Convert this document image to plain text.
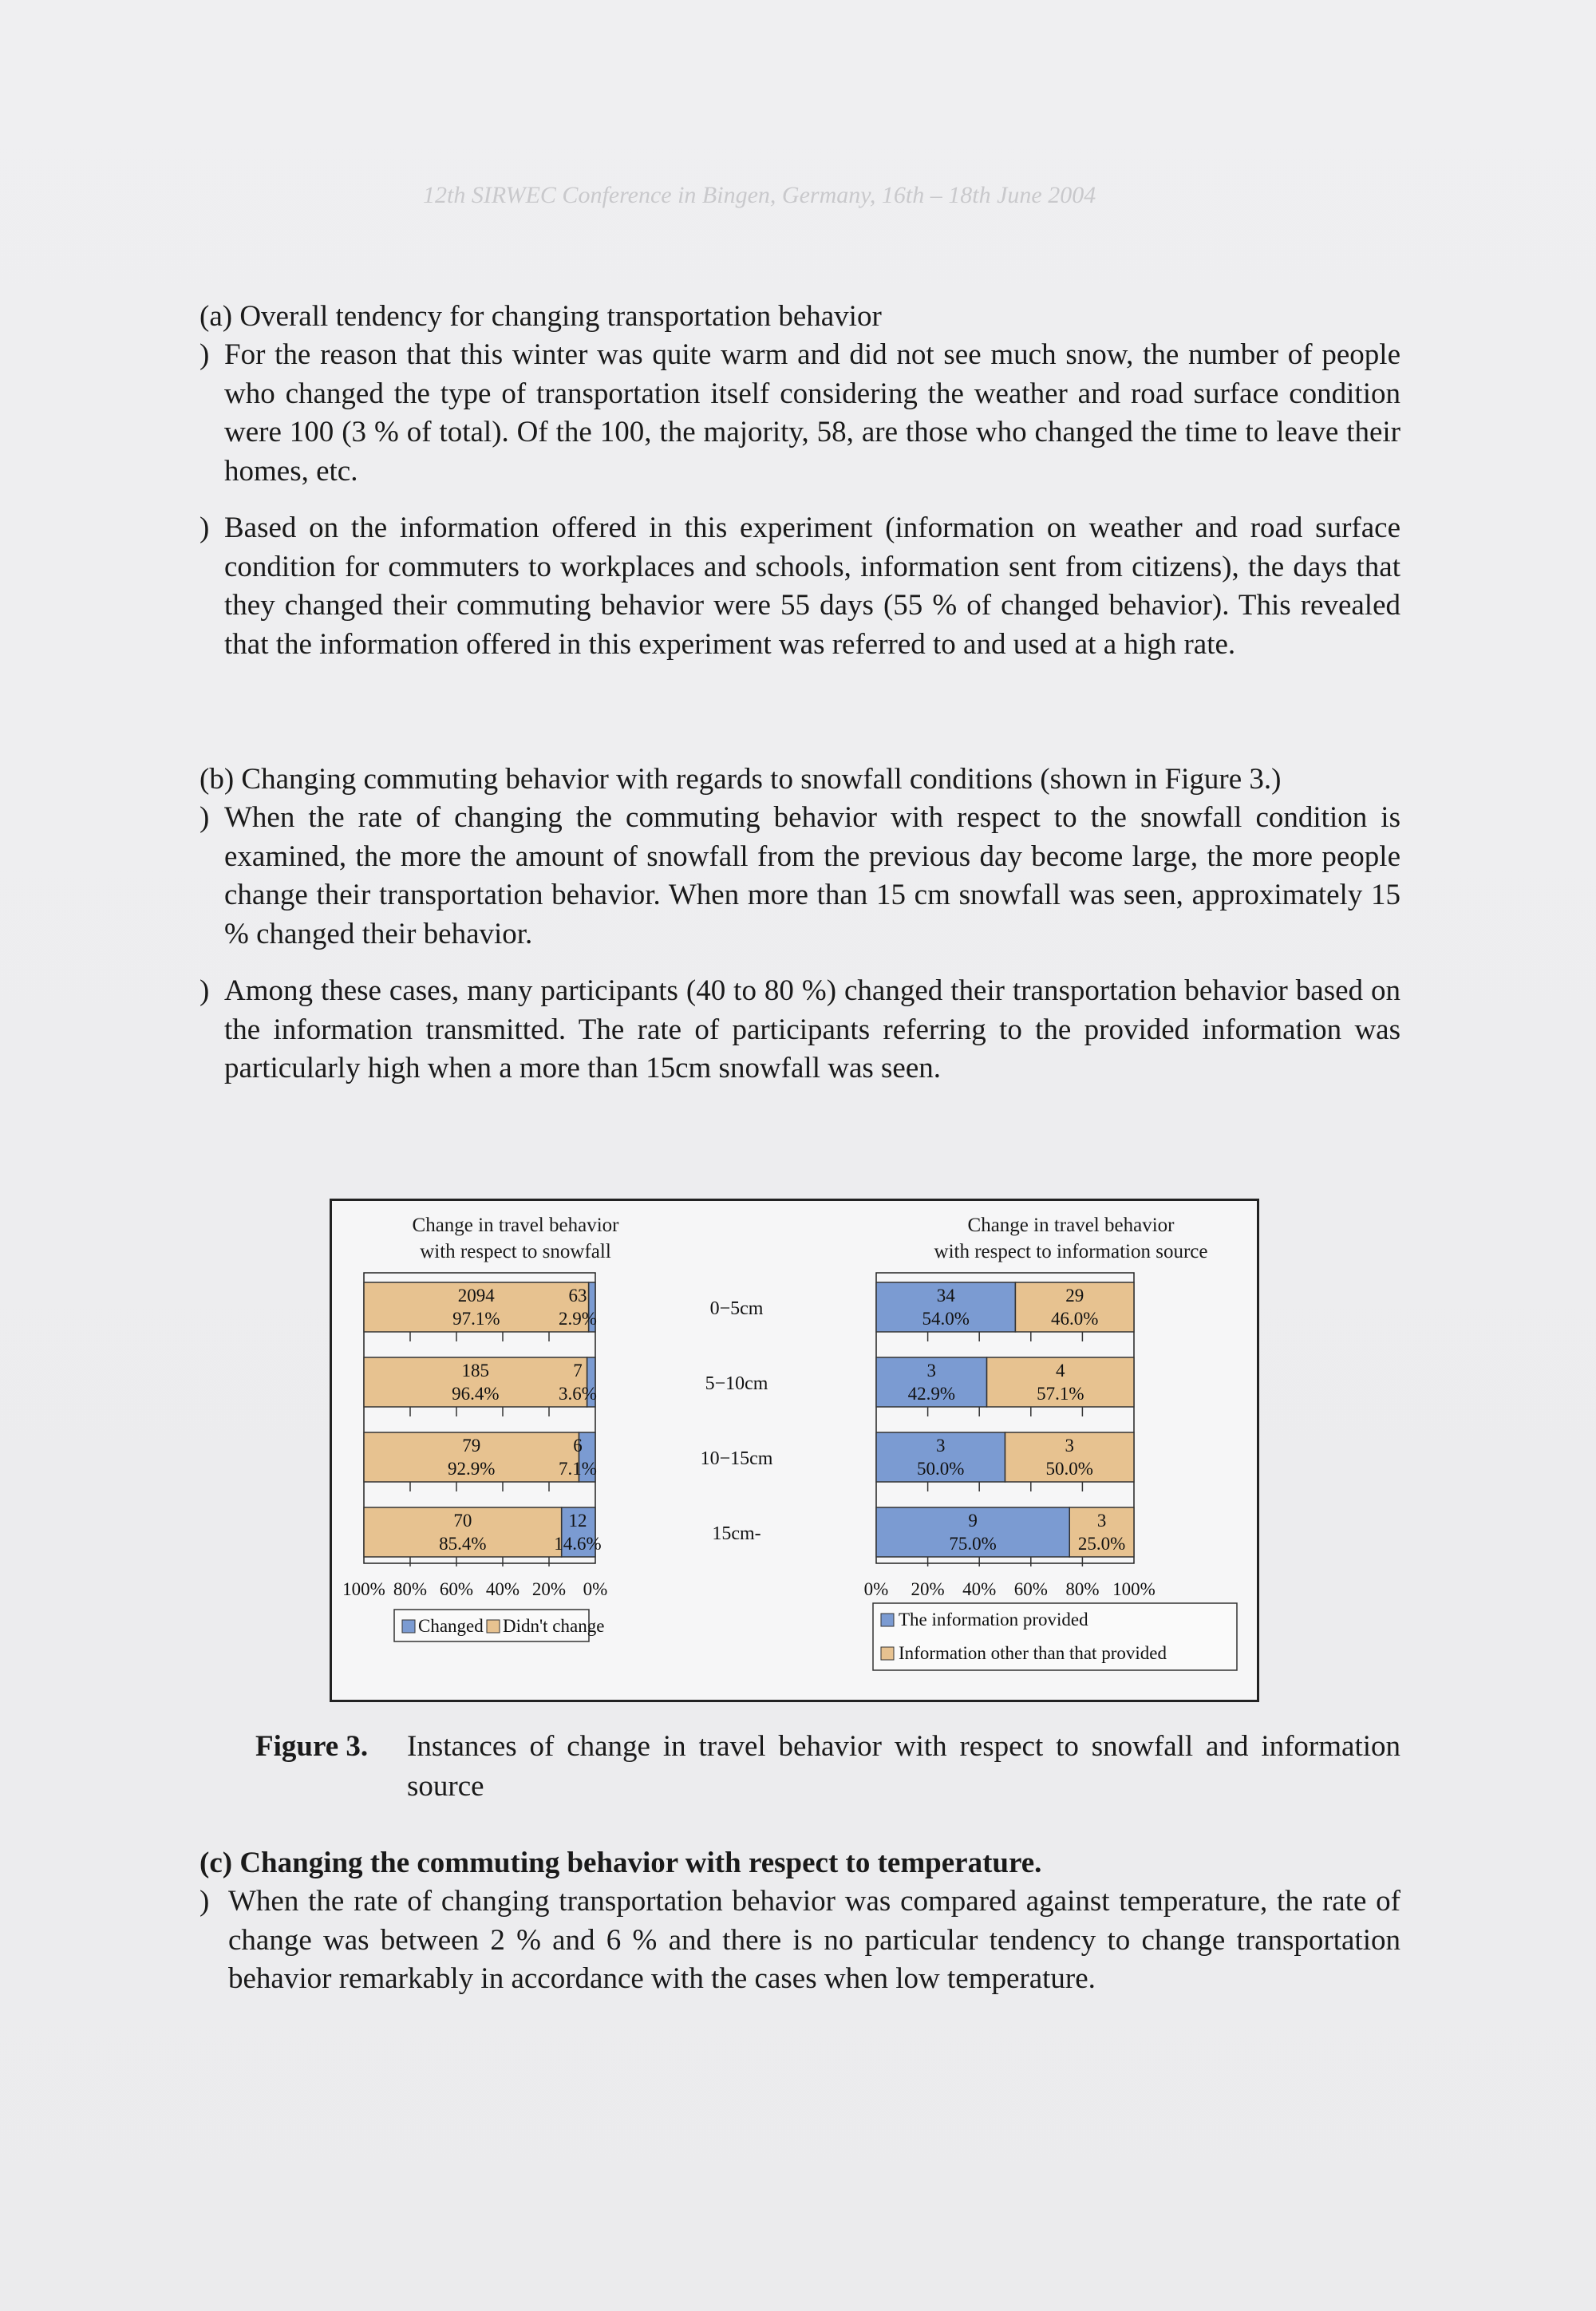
12th SIRWEC Conference in Bingen, Germany, 16th – 18th June 2004
(a) Overall tendency for changing transportation behavior
) For the reason that this winter was quite warm and did not see much snow, the number of people who changed the type of transportation itself considering the weather and road surface condition were 100 (3 % of total). Of the 100, the majority, 58, are those who changed the time to leave their homes, etc.
) Based on the information offered in this experiment (information on weather and road surface condition for commuters to workplaces and schools, information sent from citizens), the days that they changed their commuting behavior were 55 days (55 % of changed behavior). This revealed that the information offered in this experiment was referred to and used at a high rate.
(b) Changing commuting behavior with regards to snowfall conditions (shown in Figure 3.)
) When the rate of changing the commuting behavior with respect to the snowfall condition is examined, the more the amount of snowfall from the previous day become large, the more people change their transportation behavior. When more than 15 cm snowfall was seen, approximately 15 % changed their behavior.
) Among these cases, many participants (40 to 80 %) changed their transportation behavior based on the information transmitted. The rate of participants referring to the provided information was particularly high when a more than 15cm snowfall was seen.
Change in travel behavior
with respect to snowfall
Change in travel behavior
with respect to information source
63
2.9%
2094
97.1%
7
3.6%
185
96.4%
6
7.1%
79
92.9%
12
14.6%
70
85.4%
100% 80% 60% 40% 20% 0%
34
54.0%
29
46.0%
3
42.9%
4
57.1%
3
50.0%
3
50.0%
9
75.0%
3
25.0%
0% 20% 40% 60% 80% 100%
0−5cm
5−10cm
10−15cm
15cm-
Changed Didn't change	The information provided
Information other than that provided
Figure 3.	Instances of change in travel behavior with respect to snowfall and information source
(c) Changing the commuting behavior with respect to temperature.
) When the rate of changing transportation behavior was compared against temperature, the rate of change was between 2 % and 6 % and there is no particular tendency to change transportation behavior remarkably in accordance with the cases when low temperature.
